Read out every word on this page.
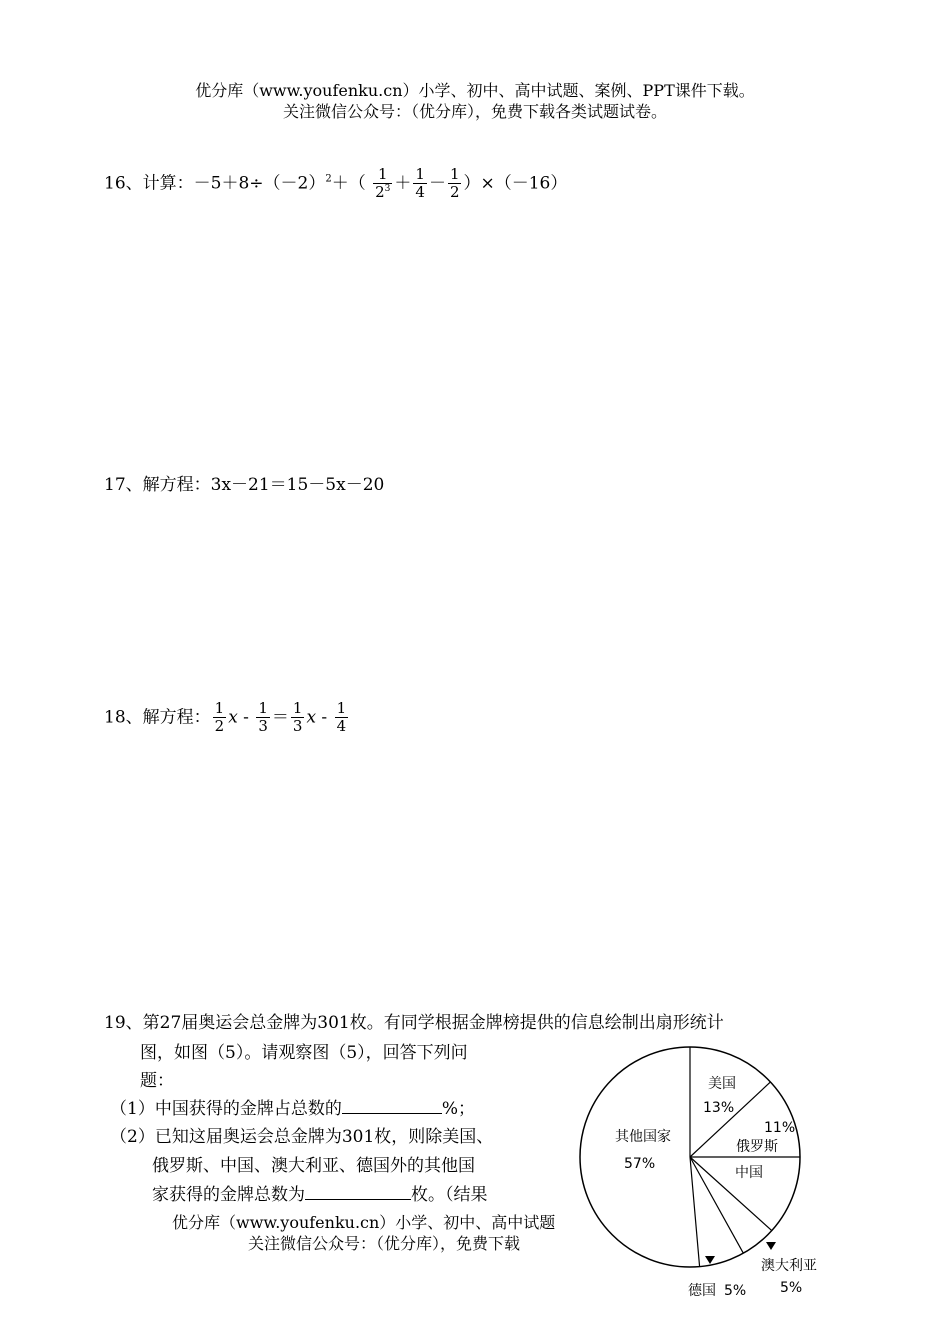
优分库（www.youfenku.cn）小学、初中、高中试题、案例、PPT课件下载。
关注微信公众号：（优分库），免费下载各类试题试卷。
16、计算：$-5+8\div(-2)^2+( \frac{1}{2^3} + \frac{1}{4} - \frac{1}{2} )\times(-16)$
17、解方程：3x－21＝15－5x－20
18、解方程： $\frac{1}{2}$ $x - \frac{1}{3} = \frac{1}{3}$ x - $\frac{1}{4}$
19、第27届奥运会总金牌为301枚。有同学根据金牌榜提供的信息绘制出扇形统计
图，如图（5）。请观察图（5），回答下列问
题：
（1）中国获得的金牌占总数的	%；
（2）已知这届奥运会总金牌为301枚，则除美国、
俄罗斯、中国、澳大利亚、德国外的其他国
家获得的金牌总数为	枚。（结果
优分库（www.youfenku.cn）小学、初中、高中试题
关注微信公众号：（优分库），免费下载
其他国家
57%
美国
13%
11%
俄罗斯
中国
澳大利亚
5%
德国 5%
